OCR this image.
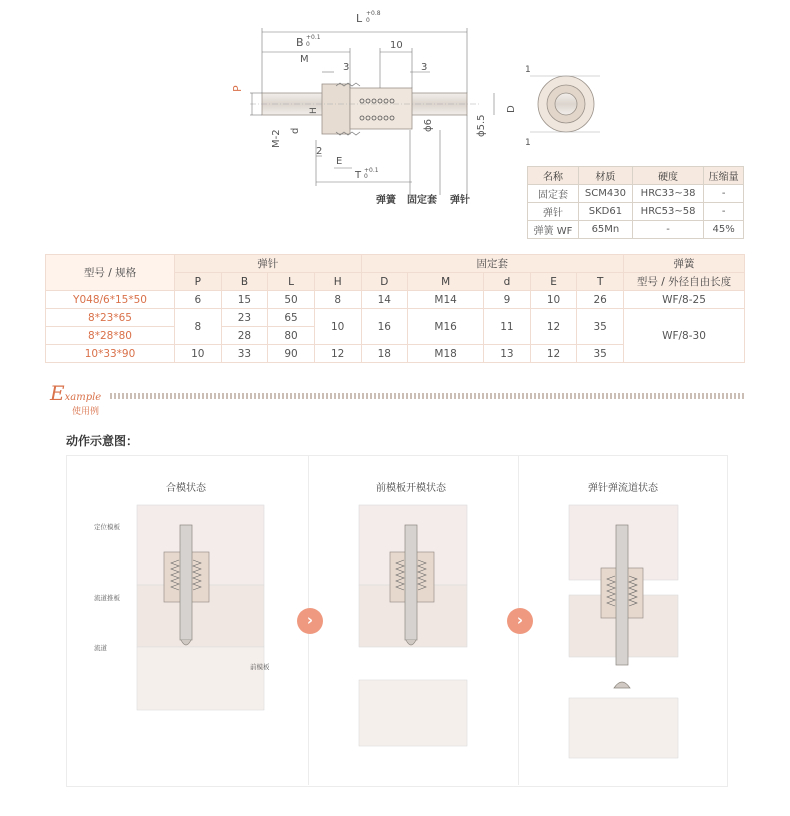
L +0.8
0
B +0.1
0	10
M
3	3
P
H
d
M-2
ϕ6	ϕ5.5
2
E
T +0.1
0
弹簧 固定套 弹针
D
1
1
名称	材质	硬度	压缩量
固定套	SCM430	HRC33~38	-
弹针	SKD61	HRC53~58	-
弹簧 WF	65Mn	-	45%
型号 / 规格	弹针				固定套					弹簧
	P	B	L	H	D	M	d	E	T	型号 / 外径自由长度
Y048/6*15*50	6	15	50	8	14	M14	9	10	26	WF/8-25
8*23*65	8	23	65	10	16	M16	11	12	35	WF/8-30
8*28*80		28	80							
10*33*90	10	33	90	12	18	M18	13	12	35	
Example
使用例
动作示意图：
合模状态	前模板开模状态	弹针弹流道状态
定位模板
流道推板
流道
前模板
›	›
